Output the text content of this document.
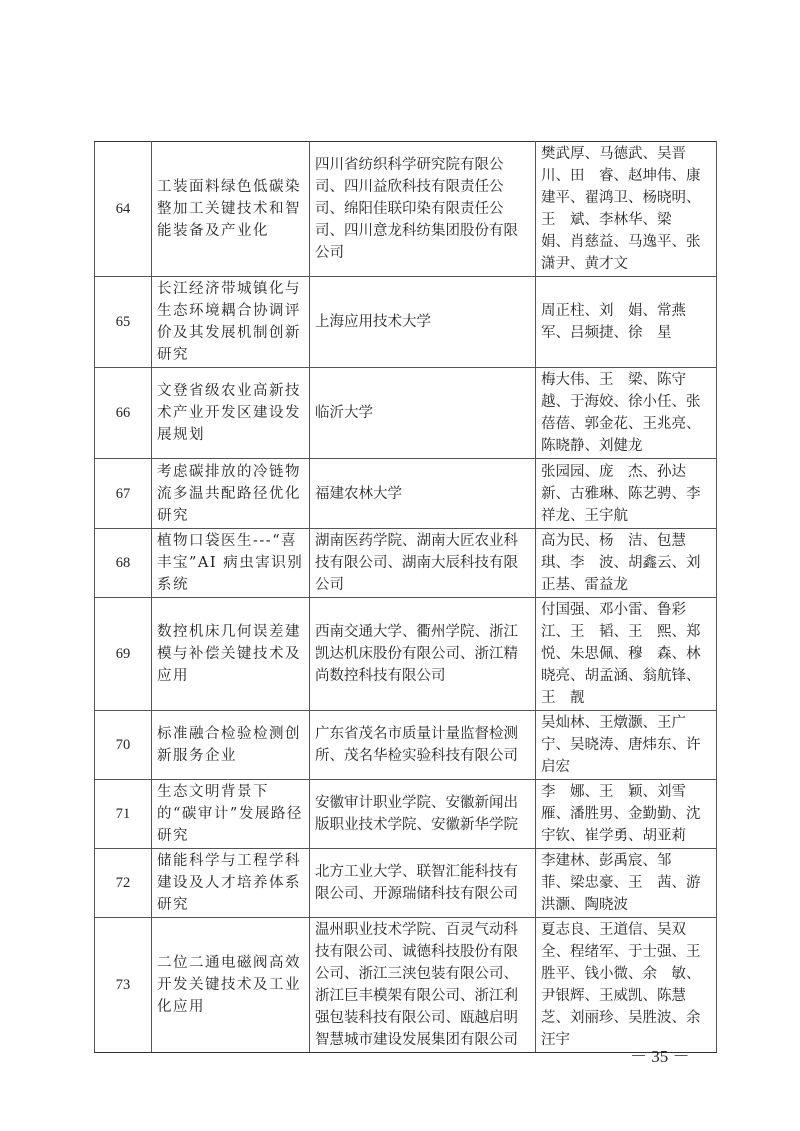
64	工装面料绿色低碳染整加工关键技术和智能装备及产业化	四川省纺织科学研究院有限公司、四川益欣科技有限责任公司、绵阳佳联印染有限责任公司、四川意龙科纺集团股份有限公司	樊武厚、马德武、吴晋川、田　睿、赵坤伟、康建平、翟鸿卫、杨晓明、王　斌、李林华、梁　娟、肖慈益、马逸平、张潇尹、黄才文
65	长江经济带城镇化与生态环境耦合协调评价及其发展机制创新研究	上海应用技术大学	周正柱、刘　娟、常燕军、吕频捷、徐　星
66	文登省级农业高新技术产业开发区建设发展规划	临沂大学	梅大伟、王　梁、陈守越、于海姣、徐小任、张蓓蓓、郭金花、王兆亮、陈晓静、刘健龙
67	考虑碳排放的冷链物流多温共配路径优化研究	福建农林大学	张园园、庞　杰、孙达新、古雅琳、陈艺骋、李祥龙、王宇航
68	植物口袋医生---“喜丰宝”AI 病虫害识别系统	湖南医药学院、湖南大匠农业科技有限公司、湖南大辰科技有限公司	高为民、杨　洁、包慧琪、李　波、胡鑫云、刘正基、雷益龙
69	数控机床几何误差建模与补偿关键技术及应用	西南交通大学、衢州学院、浙江凯达机床股份有限公司、浙江精尚数控科技有限公司	付国强、邓小雷、鲁彩江、王　韬、王　熙、郑　悦、朱思佩、穆　森、林晓亮、胡孟涵、翁航锋、王　靓
70	标准融合检验检测创新服务企业	广东省茂名市质量计量监督检测所、茂名华检实验科技有限公司	吴灿林、王燉灏、王广宁、吴晓涛、唐炜东、许启宏
71	生态文明背景下的“碳审计”发展路径研究	安徽审计职业学院、安徽新闻出版职业技术学院、安徽新华学院	李　娜、王　颖、刘雪雁、潘胜男、金勤勤、沈宇钦、崔学勇、胡亚莉
72	储能科学与工程学科建设及人才培养体系研究	北方工业大学、联智汇能科技有限公司、开源瑞储科技有限公司	李建林、彭禹宸、邹　菲、梁忠豪、王　茜、游洪灏、陶晓波
73	二位二通电磁阀高效开发关键技术及工业化应用	温州职业技术学院、百灵气动科技有限公司、诚德科技股份有限公司、浙江三浃包装有限公司、浙江巨丰模架有限公司、浙江利强包装科技有限公司、瓯越启明智慧城市建设发展集团有限公司	夏志良、王道信、吴双全、程绪军、于士强、王胜平、钱小微、余　敏、尹银辉、王威凯、陈慧芝、刘丽珍、吴胜波、余汪宇
－ 35 －
